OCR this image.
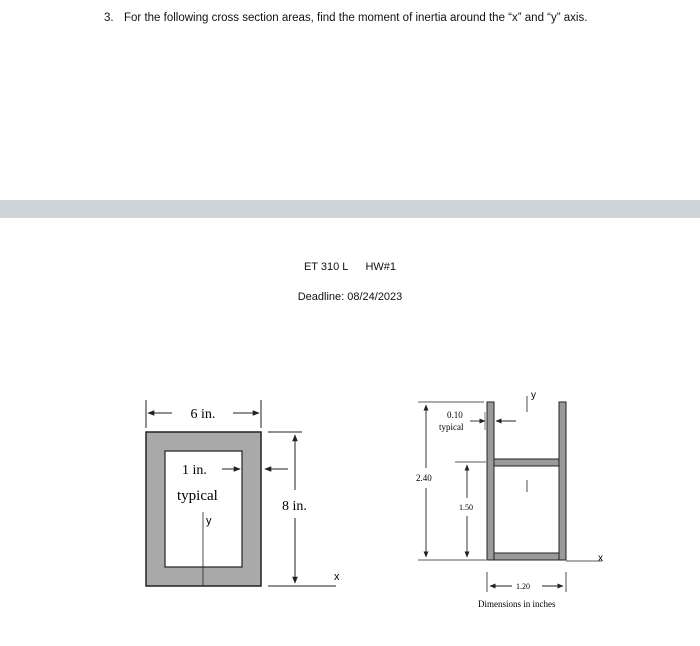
3. For the following cross section areas, find the moment of inertia around the “x” and “y” axis.
ET 310 L HW#1
Deadline: 08/24/2023
6 in.
1 in.
typical
y
8 in.
x
y
x
0.10
typical
2.40
1.50
1.20
Dimensions in inches
